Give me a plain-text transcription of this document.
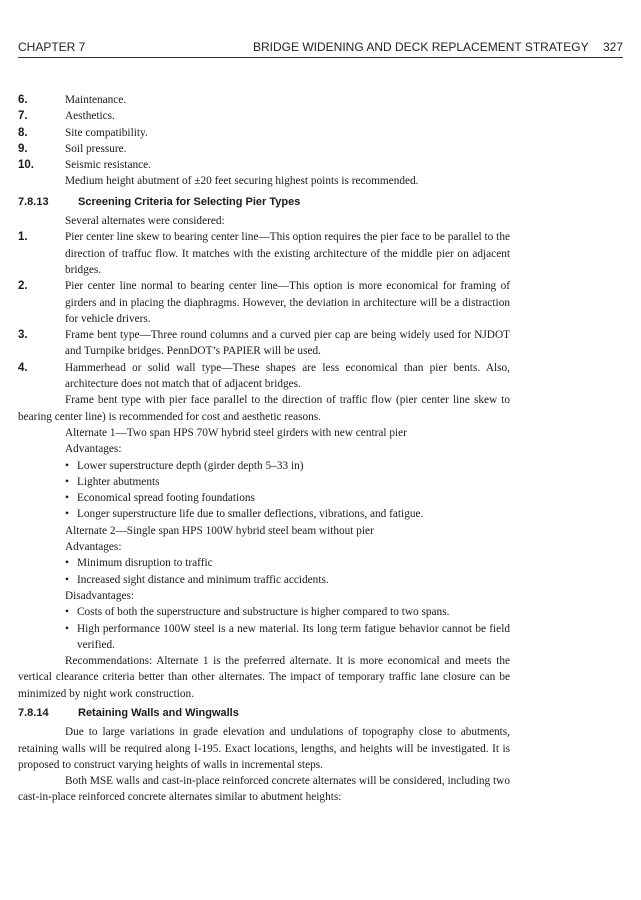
CHAPTER 7	BRIDGE WIDENING AND DECK REPLACEMENT STRATEGY 327
6.	Maintenance.
7.	Aesthetics.
8.	Site compatibility.
9.	Soil pressure.
10.	Seismic resistance.

Medium height abutment of ±20 feet securing highest points is recommended.

7.8.13	Screening Criteria for Selecting Pier Types

Several alternates were considered:

1.	Pier center line skew to bearing center line—This option requires the pier face to be parallel to the direction of traffuc flow. It matches with the existing architecture of the middle pier on adjacent bridges.
2.	Pier center line normal to bearing center line—This option is more economical for framing of girders and in placing the diaphragms. However, the deviation in architecture will be a distraction for vehicle drivers.
3.	Frame bent type—Three round columns and a curved pier cap are being widely used for NJDOT and Turnpike bridges. PennDOT’s PAPIER will be used.
4.	Hammerhead or solid wall type—These shapes are less economical than pier bents. Also, architecture does not match that of adjacent bridges.

Frame bent type with pier face parallel to the direction of traffic flow (pier center line skew to bearing center line) is recommended for cost and aesthetic reasons.

Alternate 1—Two span HPS 70W hybrid steel girders with new central pier

Advantages:

• Lower superstructure depth (girder depth 5–33 in)
• Lighter abutments
• Economical spread footing foundations
• Longer superstructure life due to smaller deflections, vibrations, and fatigue.

Alternate 2—Single span HPS 100W hybrid steel beam without pier

Advantages:

• Minimum disruption to traffic
• Increased sight distance and minimum traffic accidents.

Disadvantages:

• Costs of both the superstructure and substructure is higher compared to two spans.
• High performance 100W steel is a new material. Its long term fatigue behavior cannot be field verified.

Recommendations: Alternate 1 is the preferred alternate. It is more economical and meets the vertical clearance criteria better than other alternates. The impact of temporary traffic lane closure can be minimized by night work construction.

7.8.14	Retaining Walls and Wingwalls

Due to large variations in grade elevation and undulations of topography close to abutments, retaining walls will be required along I-195. Exact locations, lengths, and heights will be investigated. It is proposed to construct varying heights of walls in incremental steps.

Both MSE walls and cast-in-place reinforced concrete alternates will be considered, including two cast-in-place reinforced concrete alternates similar to abutment heights:
